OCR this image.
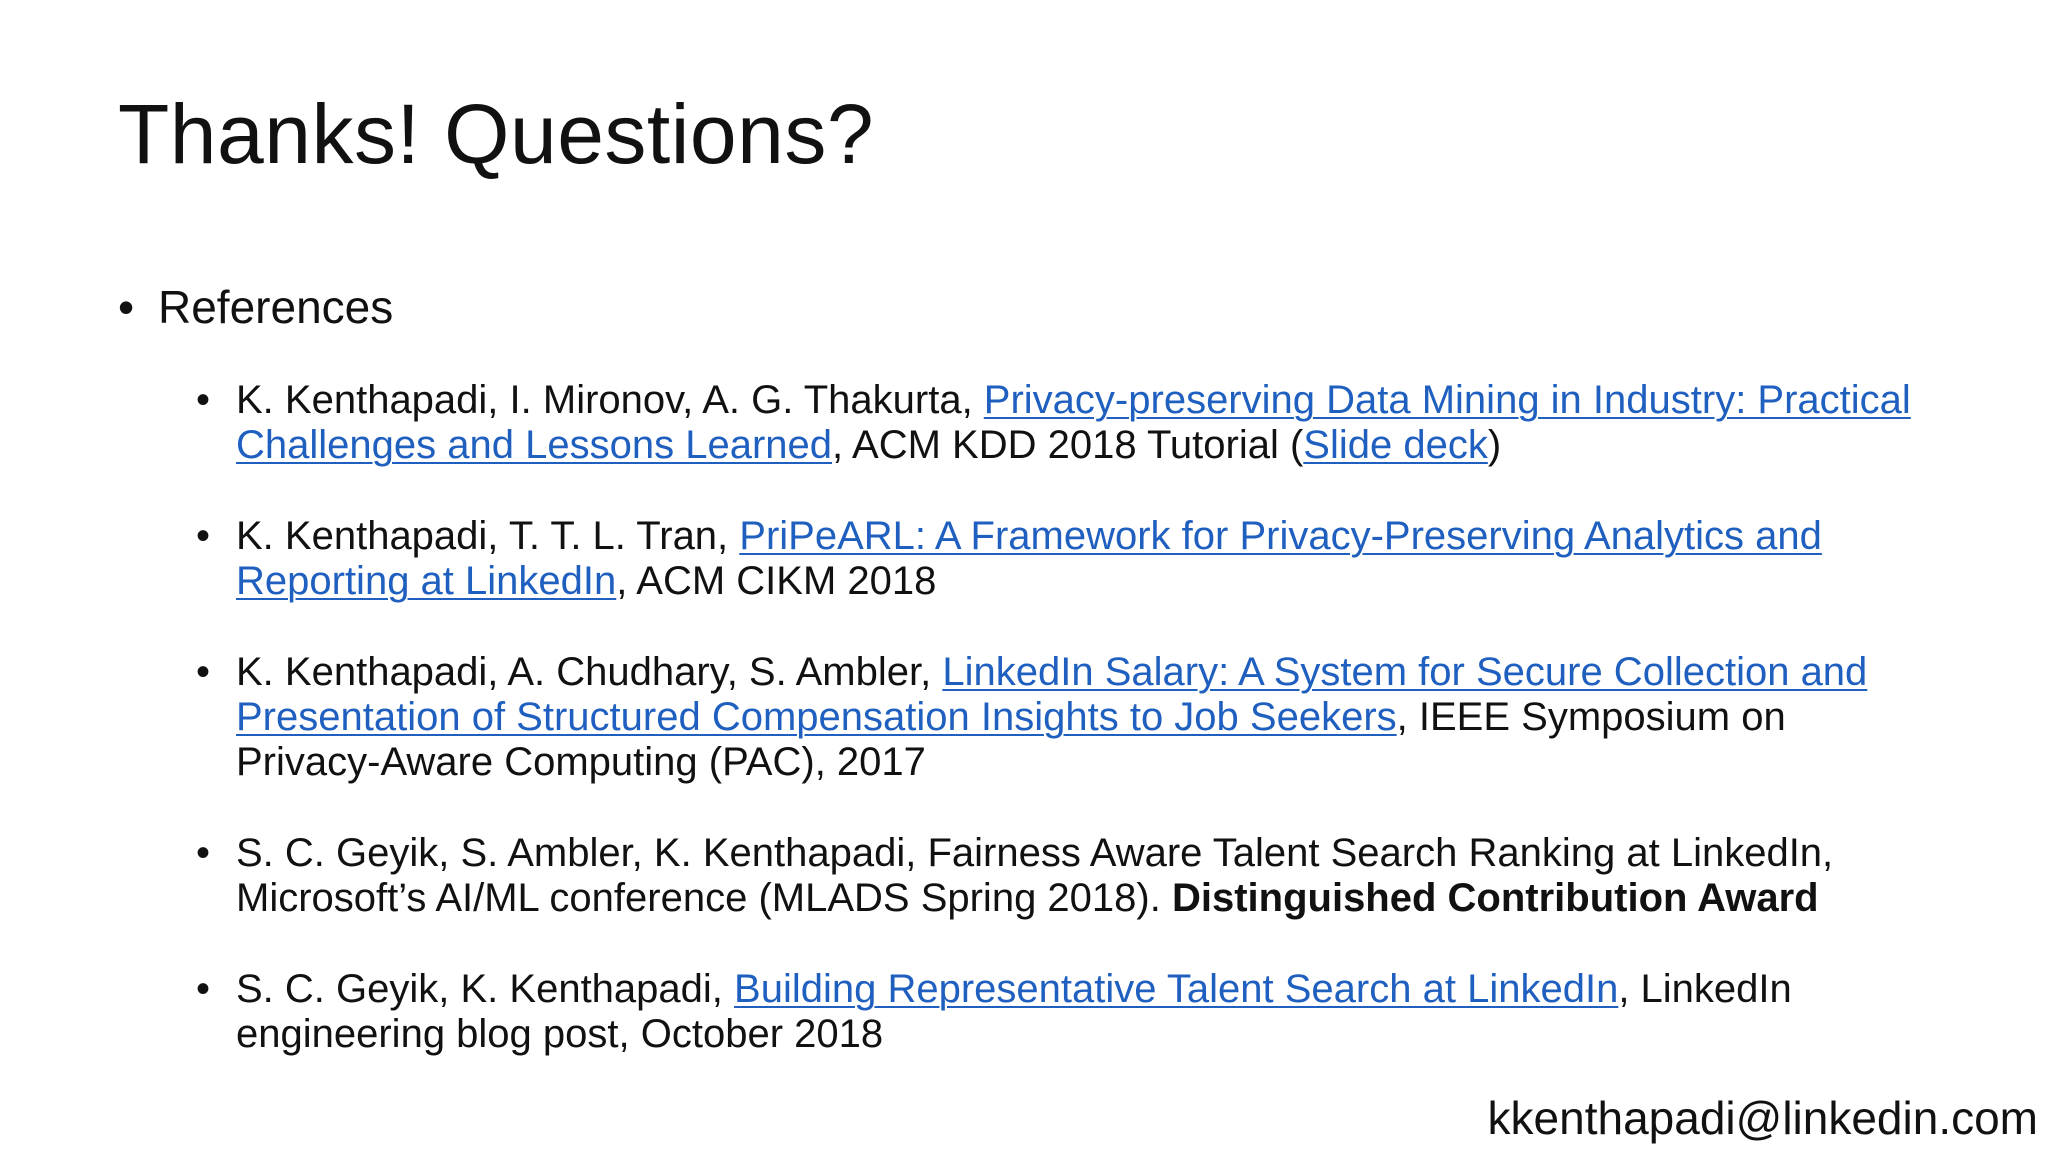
Thanks! Questions?
• References
• K. Kenthapadi, I. Mironov, A. G. Thakurta, Privacy-preserving Data Mining in Industry: Practical Challenges and Lessons Learned, ACM KDD 2018 Tutorial (Slide deck)
• K. Kenthapadi, T. T. L. Tran, PriPeARL: A Framework for Privacy-Preserving Analytics and Reporting at LinkedIn, ACM CIKM 2018
• K. Kenthapadi, A. Chudhary, S. Ambler, LinkedIn Salary: A System for Secure Collection and Presentation of Structured Compensation Insights to Job Seekers, IEEE Symposium on Privacy-Aware Computing (PAC), 2017
• S. C. Geyik, S. Ambler, K. Kenthapadi, Fairness Aware Talent Search Ranking at LinkedIn, Microsoft’s AI/ML conference (MLADS Spring 2018). Distinguished Contribution Award
• S. C. Geyik, K. Kenthapadi, Building Representative Talent Search at LinkedIn, LinkedIn engineering blog post, October 2018
kkenthapadi@linkedin.com
